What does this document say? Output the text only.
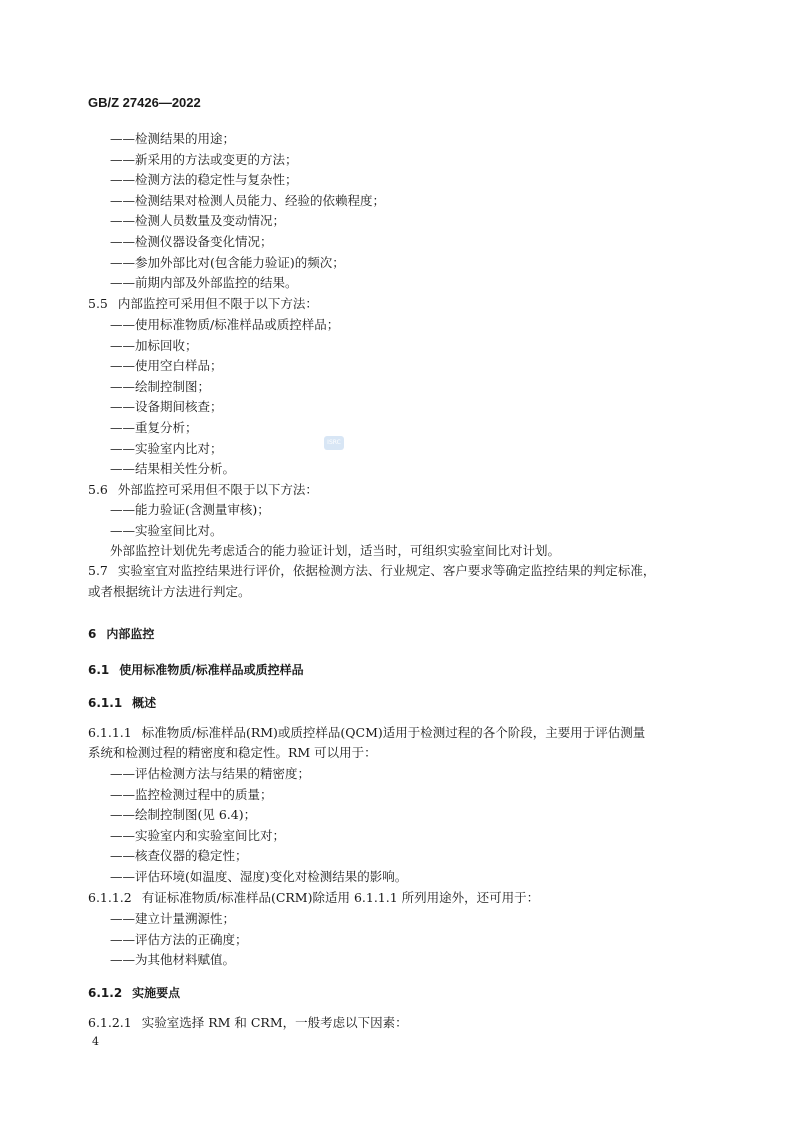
GB/Z 27426—2022
——检测结果的用途；
——新采用的方法或变更的方法；
——检测方法的稳定性与复杂性；
——检测结果对检测人员能力、经验的依赖程度；
——检测人员数量及变动情况；
——检测仪器设备变化情况；
——参加外部比对(包含能力验证)的频次；
——前期内部及外部监控的结果。
5.5 内部监控可采用但不限于以下方法：
——使用标准物质/标准样品或质控样品；
——加标回收；
——使用空白样品；
——绘制控制图；
——设备期间核查；
——重复分析；
——实验室内比对；
——结果相关性分析。
5.6 外部监控可采用但不限于以下方法：
——能力验证(含测量审核)；
——实验室间比对。
外部监控计划优先考虑适合的能力验证计划，适当时，可组织实验室间比对计划。
5.7 实验室宜对监控结果进行评价，依据检测方法、行业规定、客户要求等确定监控结果的判定标准，
或者根据统计方法进行判定。
6 内部监控
6.1 使用标准物质/标准样品或质控样品
6.1.1 概述
6.1.1.1 标准物质/标准样品(RM)或质控样品(QCM)适用于检测过程的各个阶段，主要用于评估测量
系统和检测过程的精密度和稳定性。RM 可以用于：
——评估检测方法与结果的精密度；
——监控检测过程中的质量；
——绘制控制图(见 6.4)；
——实验室内和实验室间比对；
——核查仪器的稳定性；
——评估环境(如温度、湿度)变化对检测结果的影响。
6.1.1.2 有证标准物质/标准样品(CRM)除适用 6.1.1.1 所列用途外，还可用于：
——建立计量溯源性；
——评估方法的正确度；
——为其他材料赋值。
6.1.2 实施要点
6.1.2.1 实验室选择 RM 和 CRM，一般考虑以下因素：
4
ISRC
